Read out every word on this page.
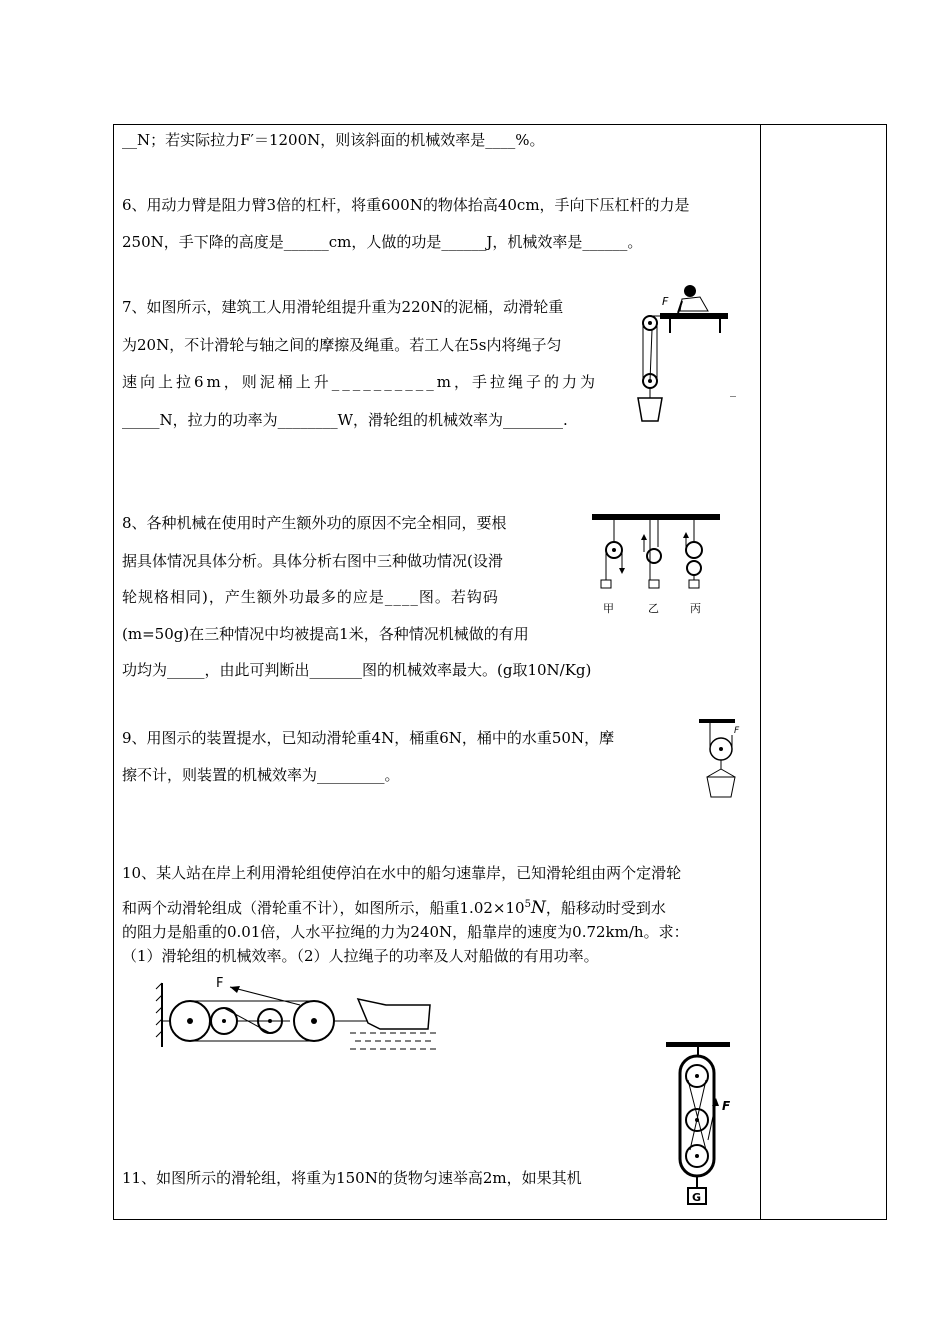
__N；若实际拉力F′＝1200N，则该斜面的机械效率是____%。
6、用动力臂是阻力臂3倍的杠杆，将重600N的物体抬高40cm，手向下压杠杆的力是
250N，手下降的高度是______cm，人做的功是______J，机械效率是______。
7、如图所示，建筑工人用滑轮组提升重为220N的泥桶，动滑轮重
为20N，不计滑轮与轴之间的摩擦及绳重。若工人在5s内将绳子匀
速向上拉6m，则泥桶上升__________m，手拉绳子的力为
_____N，拉力的功率为________W，滑轮组的机械效率为________.
_
F
8、各种机械在使用时产生额外功的原因不完全相同，要根
据具体情况具体分析。具体分析右图中三种做功情况(设滑
轮规格相同)，产生额外功最多的应是____图。若钩码
(m=50g)在三种情况中均被提高1米，各种情况机械做的有用
功均为_____，由此可判断出_______图的机械效率最大。(g取10N/Kg)
甲	乙	丙
9、用图示的装置提水，已知动滑轮重4N，桶重6N，桶中的水重50N，摩
擦不计，则装置的机械效率为_________。
F
10、某人站在岸上利用滑轮组使停泊在水中的船匀速靠岸，已知滑轮组由两个定滑轮
和两个动滑轮组成（滑轮重不计），如图所示，船重$1.02\times 10^5N$，船移动时受到水
的阻力是船重的0.01倍，人水平拉绳的力为240N，船靠岸的速度为0.72km/h。求：
（1）滑轮组的机械效率。（2）人拉绳子的功率及人对船做的有用功率。
F
11、如图所示的滑轮组，将重为150N的货物匀速举高2m，如果其机
F
G
